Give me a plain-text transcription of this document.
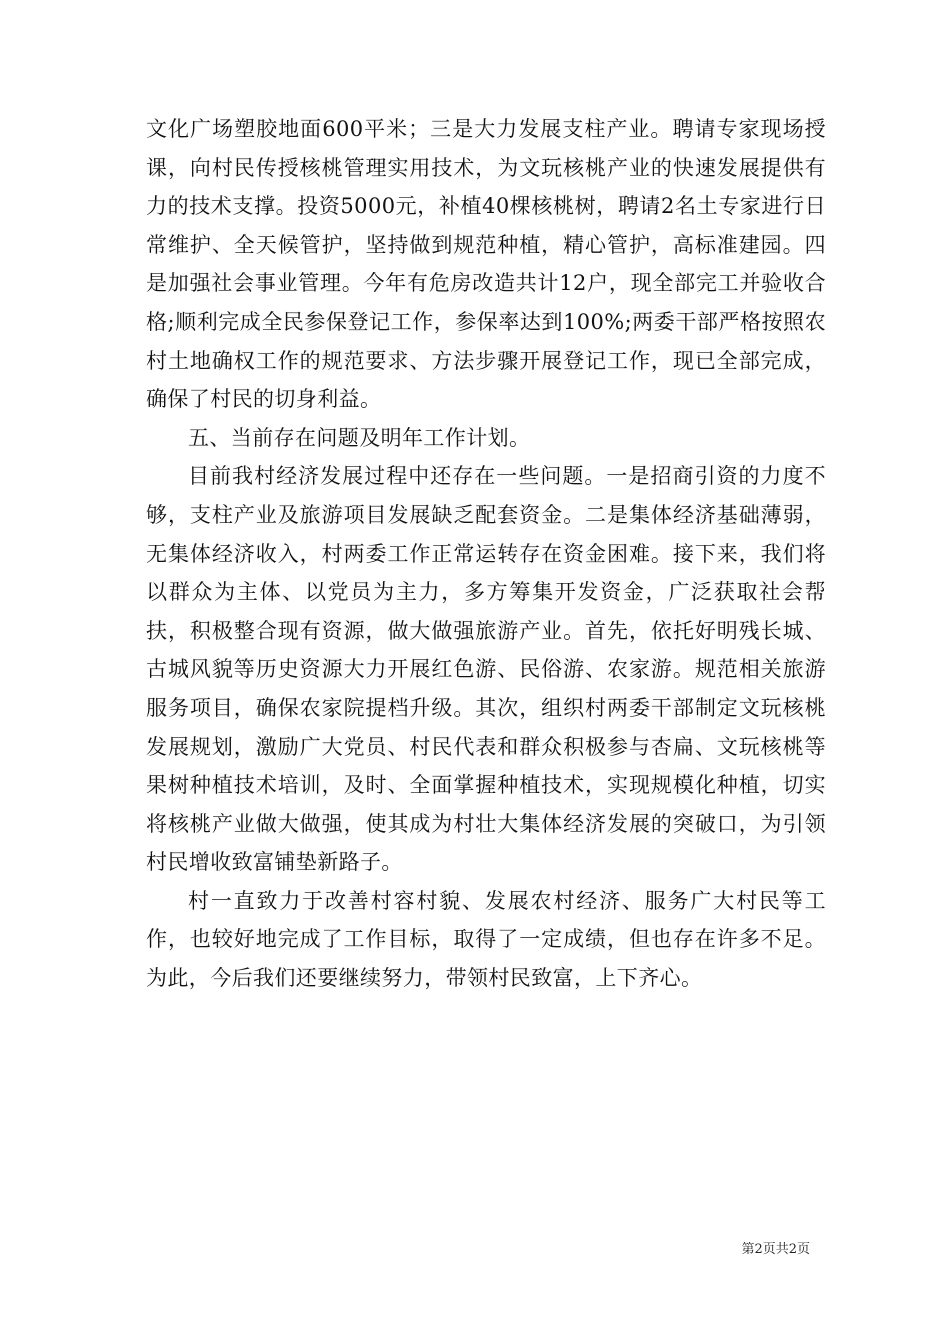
文化广场塑胶地面600平米；三是大力发展支柱产业。聘请专家现场授课，向村民传授核桃管理实用技术，为文玩核桃产业的快速发展提供有力的技术支撑。投资5000元，补植40棵核桃树，聘请2名土专家进行日常维护、全天候管护，坚持做到规范种植，精心管护，高标准建园。四是加强社会事业管理。今年有危房改造共计12户，现全部完工并验收合格;顺利完成全民参保登记工作，参保率达到100%;两委干部严格按照农村土地确权工作的规范要求、方法步骤开展登记工作，现已全部完成，确保了村民的切身利益。

五、当前存在问题及明年工作计划。

目前我村经济发展过程中还存在一些问题。一是招商引资的力度不够，支柱产业及旅游项目发展缺乏配套资金。二是集体经济基础薄弱，无集体经济收入，村两委工作正常运转存在资金困难。接下来，我们将以群众为主体、以党员为主力，多方筹集开发资金，广泛获取社会帮扶，积极整合现有资源，做大做强旅游产业。首先，依托好明残长城、古城风貌等历史资源大力开展红色游、民俗游、农家游。规范相关旅游服务项目，确保农家院提档升级。其次，组织村两委干部制定文玩核桃发展规划，激励广大党员、村民代表和群众积极参与杏扁、文玩核桃等果树种植技术培训，及时、全面掌握种植技术，实现规模化种植，切实将核桃产业做大做强，使其成为村壮大集体经济发展的突破口，为引领村民增收致富铺垫新路子。

村一直致力于改善村容村貌、发展农村经济、服务广大村民等工作，也较好地完成了工作目标，取得了一定成绩，但也存在许多不足。为此，今后我们还要继续努力，带领村民致富，上下齐心。

第2页共2页
